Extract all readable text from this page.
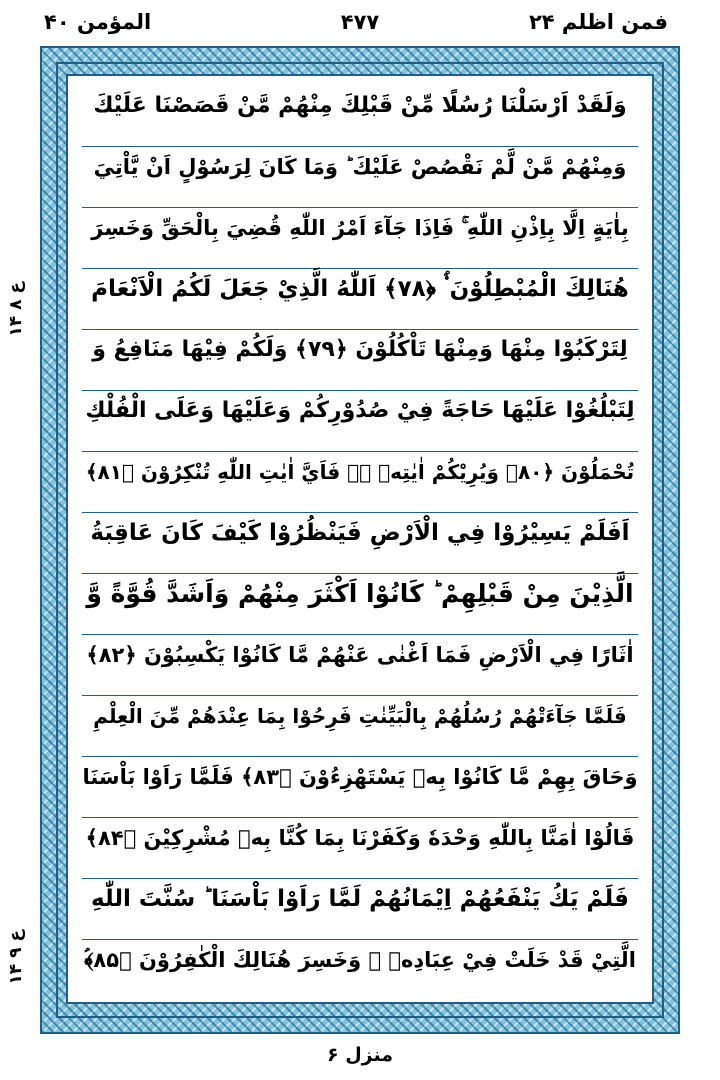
فمن اظلم ۲۴
۴۷۷
المؤمن ۴۰
ع ۸ ۱۴
ع ۹ ۱۴
وَلَقَدْ اَرْسَلْنَا رُسُلًا مِّنْ قَبْلِكَ مِنْهُمْ مَّنْ قَصَصْنَا عَلَيْكَ
وَمِنْهُمْ مَّنْ لَّمْ نَقْصُصْ عَلَيْكَ ؕ وَمَا كَانَ لِرَسُوْلٍ اَنْ يَّاْتِيَ
بِاٰيَةٍ اِلَّا بِاِذْنِ اللّٰهِ ۚ فَاِذَا جَآءَ اَمْرُ اللّٰهِ قُضِيَ بِالْحَقِّ وَخَسِرَ
هُنَالِكَ الْمُبْطِلُوْنَ ۟ؑ ﴿۷۸﴾ اَللّٰهُ الَّذِيْ جَعَلَ لَكُمُ الْاَنْعَامَ
لِتَرْكَبُوْا مِنْهَا وَمِنْهَا تَاْكُلُوْنَ ﴿۷۹﴾ وَلَكُمْ فِيْهَا مَنَافِعُ وَ
لِتَبْلُغُوْا عَلَيْهَا حَاجَةً فِيْ صُدُوْرِكُمْ وَعَلَيْهَا وَعَلَى الْفُلْكِ
تُحْمَلُوْنَ ﴿۸۰﴾ وَيُرِيْكُمْ اٰيٰتِهٖ ۖۗ فَاَيَّ اٰيٰتِ اللّٰهِ تُنْكِرُوْنَ ﴿۸۱﴾
اَفَلَمْ يَسِيْرُوْا فِي الْاَرْضِ فَيَنْظُرُوْا كَيْفَ كَانَ عَاقِبَةُ
الَّذِيْنَ مِنْ قَبْلِهِمْ ؕ كَانُوْا اَكْثَرَ مِنْهُمْ وَاَشَدَّ قُوَّةً وَّ
اٰثَارًا فِي الْاَرْضِ فَمَا اَغْنٰى عَنْهُمْ مَّا كَانُوْا يَكْسِبُوْنَ ﴿۸۲﴾
فَلَمَّا جَآءَتْهُمْ رُسُلُهُمْ بِالْبَيِّنٰتِ فَرِحُوْا بِمَا عِنْدَهُمْ مِّنَ الْعِلْمِ
وَحَاقَ بِهِمْ مَّا كَانُوْا بِهٖ يَسْتَهْزِءُوْنَ ﴿۸۳﴾ فَلَمَّا رَاَوْا بَاْسَنَا
قَالُوْا اٰمَنَّا بِاللّٰهِ وَحْدَهٗ وَكَفَرْنَا بِمَا كُنَّا بِهٖ مُشْرِكِيْنَ ﴿۸۴﴾
فَلَمْ يَكُ يَنْفَعُهُمْ اِيْمَانُهُمْ لَمَّا رَاَوْا بَاْسَنَا ؕ سُنَّتَ اللّٰهِ
الَّتِيْ قَدْ خَلَتْ فِيْ عِبَادِهٖ ۚ وَخَسِرَ هُنَالِكَ الْكٰفِرُوْنَ ﴿۸۵﴾ؑ
منزل ۶
